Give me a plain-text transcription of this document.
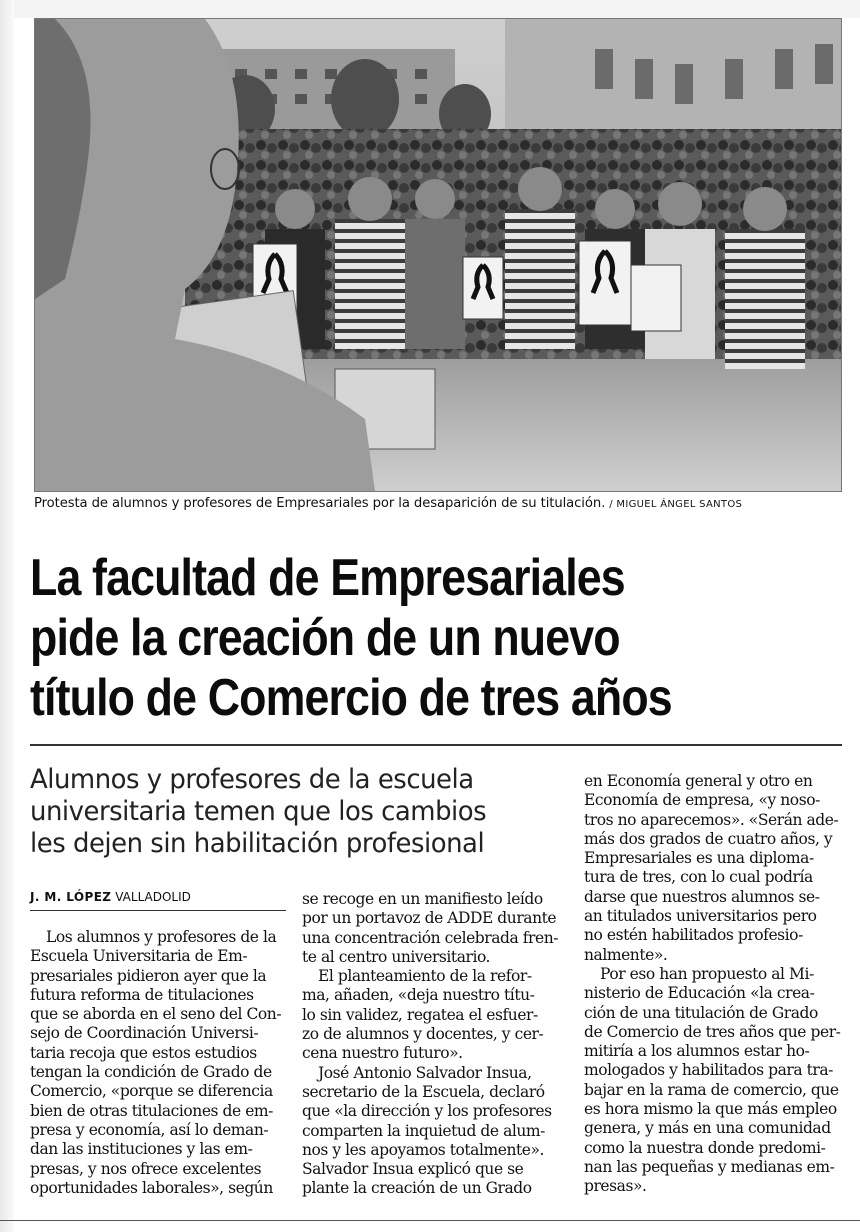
Protesta de alumnos y profesores de Empresariales por la desaparición de su titulación. / MIGUEL ÁNGEL SANTOS
La facultad de Empresariales
pide la creación de un nuevo
título de Comercio de tres años
Alumnos y profesores de la escuela
universitaria temen que los cambios
les dejen sin habilitación profesional
J. M. LÓPEZ VALLADOLID
Los alumnos y profesores de la
Escuela Universitaria de Em-
presariales pidieron ayer que la
futura reforma de titulaciones
que se aborda en el seno del Con-
sejo de Coordinación Universi-
taria recoja que estos estudios
tengan la condición de Grado de
Comercio, «porque se diferencia
bien de otras titulaciones de em-
presa y economía, así lo deman-
dan las instituciones y las em-
presas, y nos ofrece excelentes
oportunidades laborales», según
se recoge en un manifiesto leído
por un portavoz de ADDE durante
una concentración celebrada fren-
te al centro universitario.
El planteamiento de la refor-
ma, añaden, «deja nuestro títu-
lo sin validez, regatea el esfuer-
zo de alumnos y docentes, y cer-
cena nuestro futuro».
José Antonio Salvador Insua,
secretario de la Escuela, declaró
que «la dirección y los profesores
comparten la inquietud de alum-
nos y les apoyamos totalmente».
Salvador Insua explicó que se
plante la creación de un Grado
en Economía general y otro en
Economía de empresa, «y noso-
tros no aparecemos». «Serán ade-
más dos grados de cuatro años, y
Empresariales es una diploma-
tura de tres, con lo cual podría
darse que nuestros alumnos se-
an titulados universitarios pero
no estén habilitados profesio-
nalmente».
Por eso han propuesto al Mi-
nisterio de Educación «la crea-
ción de una titulación de Grado
de Comercio de tres años que per-
mitiría a los alumnos estar ho-
mologados y habilitados para tra-
bajar en la rama de comercio, que
es hora mismo la que más empleo
genera, y más en una comunidad
como la nuestra donde predomi-
nan las pequeñas y medianas em-
presas».
